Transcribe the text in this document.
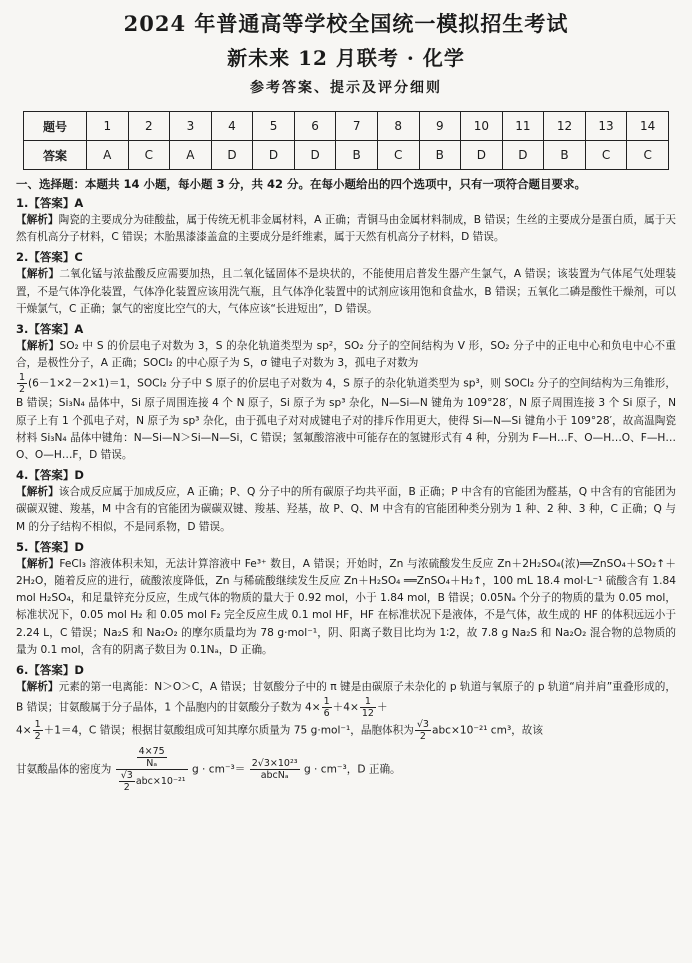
2024 年普通高等学校全国统一模拟招生考试
新未来 12 月联考 · 化学
参考答案、提示及评分细则
题号	1	2	3	4	5	6	7	8	9	10	11	12	13	14
答案	A	C	A	D	D	D	B	C	B	D	D	B	C	C
一、选择题：本题共 14 小题，每小题 3 分，共 42 分。在每小题给出的四个选项中，只有一项符合题目要求。
1.【答案】A
【解析】陶瓷的主要成分为硅酸盐，属于传统无机非金属材料，A 正确；青铜马由金属材料制成，B 错误；生丝的主要成分是蛋白质，属于天然有机高分子材料，C 错误；木胎黑漆漆盖盒的主要成分是纤维素，属于天然有机高分子材料，D 错误。
2.【答案】C
【解析】二氧化锰与浓盐酸反应需要加热，且二氧化锰固体不是块状的，不能使用启普发生器产生氯气，A 错误；该装置为气体尾气处理装置，不是气体净化装置，气体净化装置应该用洗气瓶，且气体净化装置中的试剂应该用饱和食盐水，B 错误；五氧化二磷是酸性干燥剂，可以干燥氯气，C 正确；氯气的密度比空气的大，气体应该“长进短出”，D 错误。
3.【答案】A

【解析】SO₂ 中 S 的价层电子对数为 3，S 的杂化轨道类型为 sp²，SO₂ 分子的空间结构为 V 形，SO₂ 分子中的正电中心和负电中心不重合，是极性分子，A 正确；SOCl₂ 的中心原子为 S，σ 键电子对数为 3，孤电子对数为

$\frac{1}{2} (6-1\times 2-2\times 1)=1$，SOCl₂ 分子中 S 原子的价层电子对数为 4，S 原子的杂化轨道类型为 sp³，则 SOCl₂ 分子的空间结构为三角锥形，B 错误；Si₃N₄ 晶体中，Si 原子周围连接 4 个 N 原子，Si 原子为 sp³ 杂化，N—Si—N 键角为 109°28′，N 原子周围连接 3 个 Si 原子，N 原子上有 1 个孤电子对，N 原子为 sp³ 杂化，由于孤电子对对成键电子对的排斥作用更大，使得 Si—N—Si 键角小于 109°28′，故高温陶瓷材料 Si₃N₄ 晶体中键角：N—Si—N＞Si—N—Si，C 错误；氢氟酸溶液中可能存在的氢键形式有 4 种，分别为 F—H…F、O—H…O、F—H…O、O—H…F，D 错误。

4.【答案】D
【解析】该合成反应属于加成反应，A 正确；P、Q 分子中的所有碳原子均共平面，B 正确；P 中含有的官能团为醛基，Q 中含有的官能团为碳碳双键、羧基，M 中含有的官能团为碳碳双键、羧基、羟基，故 P、Q、M 中含有的官能团种类分别为 1 种、2 种、3 种，C 正确；Q 与 M 的分子结构不相似，不是同系物，D 错误。
5.【答案】D
【解析】FeCl₃ 溶液体积未知，无法计算溶液中 Fe³⁺ 数目，A 错误；开始时，Zn 与浓硫酸发生反应 Zn＋2H₂SO₄(浓)══ZnSO₄＋SO₂↑＋2H₂O，随着反应的进行，硫酸浓度降低，Zn 与稀硫酸继续发生反应 Zn＋H₂SO₄ ══ZnSO₄＋H₂↑，100 mL 18.4 mol·L⁻¹ 硫酸含有 1.84 mol H₂SO₄，和足量锌充分反应，生成气体的物质的量大于 0.92 mol，小于 1.84 mol，B 错误；0.05Nₐ 个分子的物质的量为 0.05 mol，标准状况下，0.05 mol H₂ 和 0.05 mol F₂ 完全反应生成 0.1 mol HF，HF 在标准状况下是液体，不是气体，故生成的 HF 的体积远远小于 2.24 L，C 错误；Na₂S 和 Na₂O₂ 的摩尔质量均为 78 g·mol⁻¹，阴、阳离子数目比均为 1∶2，故 7.8 g Na₂S 和 Na₂O₂ 混合物的总物质的量为 0.1 mol，含有的阴离子数目为 0.1Nₐ，D 正确。
6.【答案】D

【解析】元素的第一电离能：N＞O＞C，A 错误；甘氨酸分子中的 π 键是由碳原子未杂化的 p 轨道与氧原子的 p 轨道“肩并肩”重叠形成的，B 错误；甘氨酸属于分子晶体，1 个晶胞内的甘氨酸分子数为 $4\times \frac{1}{6} +4\times \frac{1}{12}$ ＋

$4\times \frac{1}{2} +1=4$，C 错误；根据甘氨酸组成可知其摩尔质量为 75 g·mol⁻¹，晶胞体积为 $\frac{√3}{2} abc\times 10^{-21}$ cm³，故该

甘氨酸晶体的密度为 $\frac{\frac{4\times 75}{\text{Nₐ}}}{\frac{√3}{2} abc\times 10^{-21}}$ $g \cdot cm^{-3}= \frac{\text{2√3×10²³}}{\text{abcNₐ}}$ g · cm⁻³，D 正确。
